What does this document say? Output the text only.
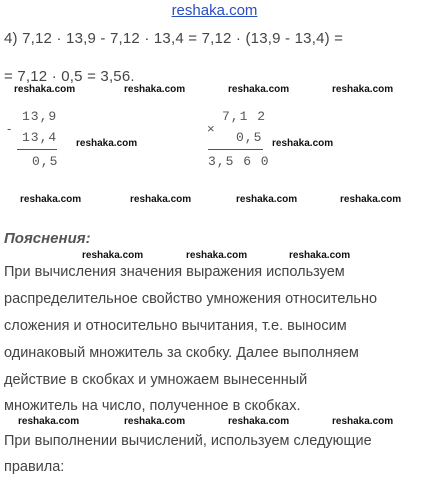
reshaka.com
4) 7,12 · 13,9 - 7,12 · 13,4 = 7,12 · (13,9 - 13,4) =
= 7,12 · 0,5 = 3,56.
reshaka.com	reshaka.com	reshaka.com	reshaka.com
-
13,9
13,4
0,5
reshaka.com
×
7,1 2
0,5
3,5 6 0
reshaka.com
reshaka.com	reshaka.com	reshaka.com	reshaka.com
Пояснения:
reshaka.com	reshaka.com	reshaka.com
При вычисления значения выражения используем
распределительное свойство умножения относительно
сложения и относительно вычитания, т.е. выносим
одинаковый множитель за скобку. Далее выполняем
действие в скобках и умножаем вынесенный
множитель на число, полученное в скобках.
reshaka.com	reshaka.com	reshaka.com	reshaka.com
При выполнении вычислений, используем следующие
правила:
